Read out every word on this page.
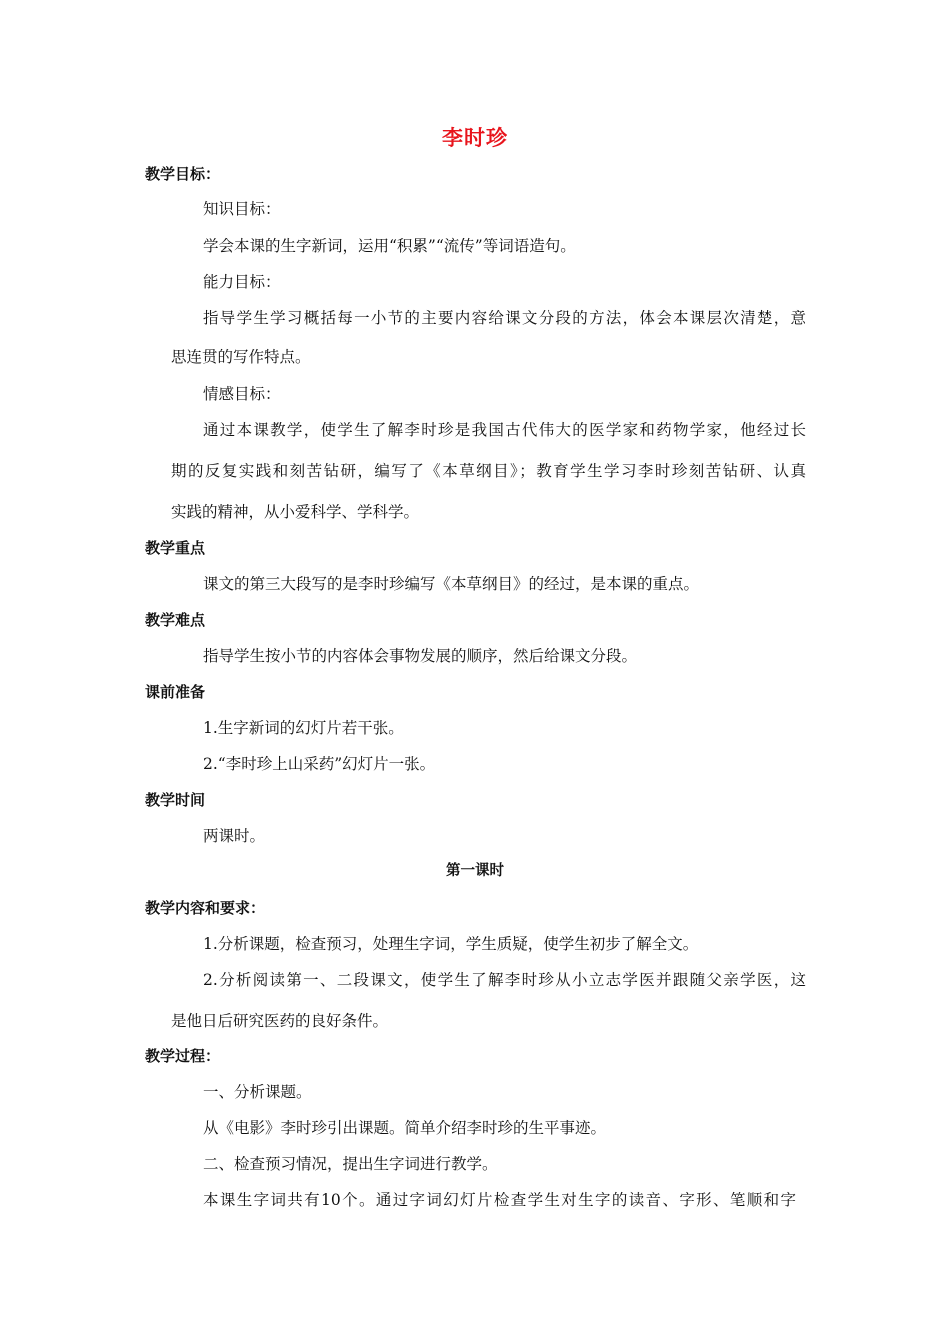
李时珍
教学目标：
知识目标：
学会本课的生字新词，运用“积累”“流传”等词语造句。
能力目标：
指导学生学习概括每一小节的主要内容给课文分段的方法，体会本课层次清楚，意
思连贯的写作特点。
情感目标：
通过本课教学，使学生了解李时珍是我国古代伟大的医学家和药物学家，他经过长
期的反复实践和刻苦钻研，编写了《本草纲目》；教育学生学习李时珍刻苦钻研、认真
实践的精神，从小爱科学、学科学。
教学重点
课文的第三大段写的是李时珍编写《本草纲目》的经过，是本课的重点。
教学难点
指导学生按小节的内容体会事物发展的顺序，然后给课文分段。
课前准备
1.生字新词的幻灯片若干张。
2.“李时珍上山采药”幻灯片一张。
教学时间
两课时。
第一课时
教学内容和要求：
1.分析课题，检查预习，处理生字词，学生质疑，使学生初步了解全文。
2.分析阅读第一、二段课文，使学生了解李时珍从小立志学医并跟随父亲学医，这
是他日后研究医药的良好条件。
教学过程：
一、分析课题。
从《电影》李时珍引出课题。简单介绍李时珍的生平事迹。
二、检查预习情况，提出生字词进行教学。
本课生字词共有10个。通过字词幻灯片检查学生对生字的读音、字形、笔顺和字
